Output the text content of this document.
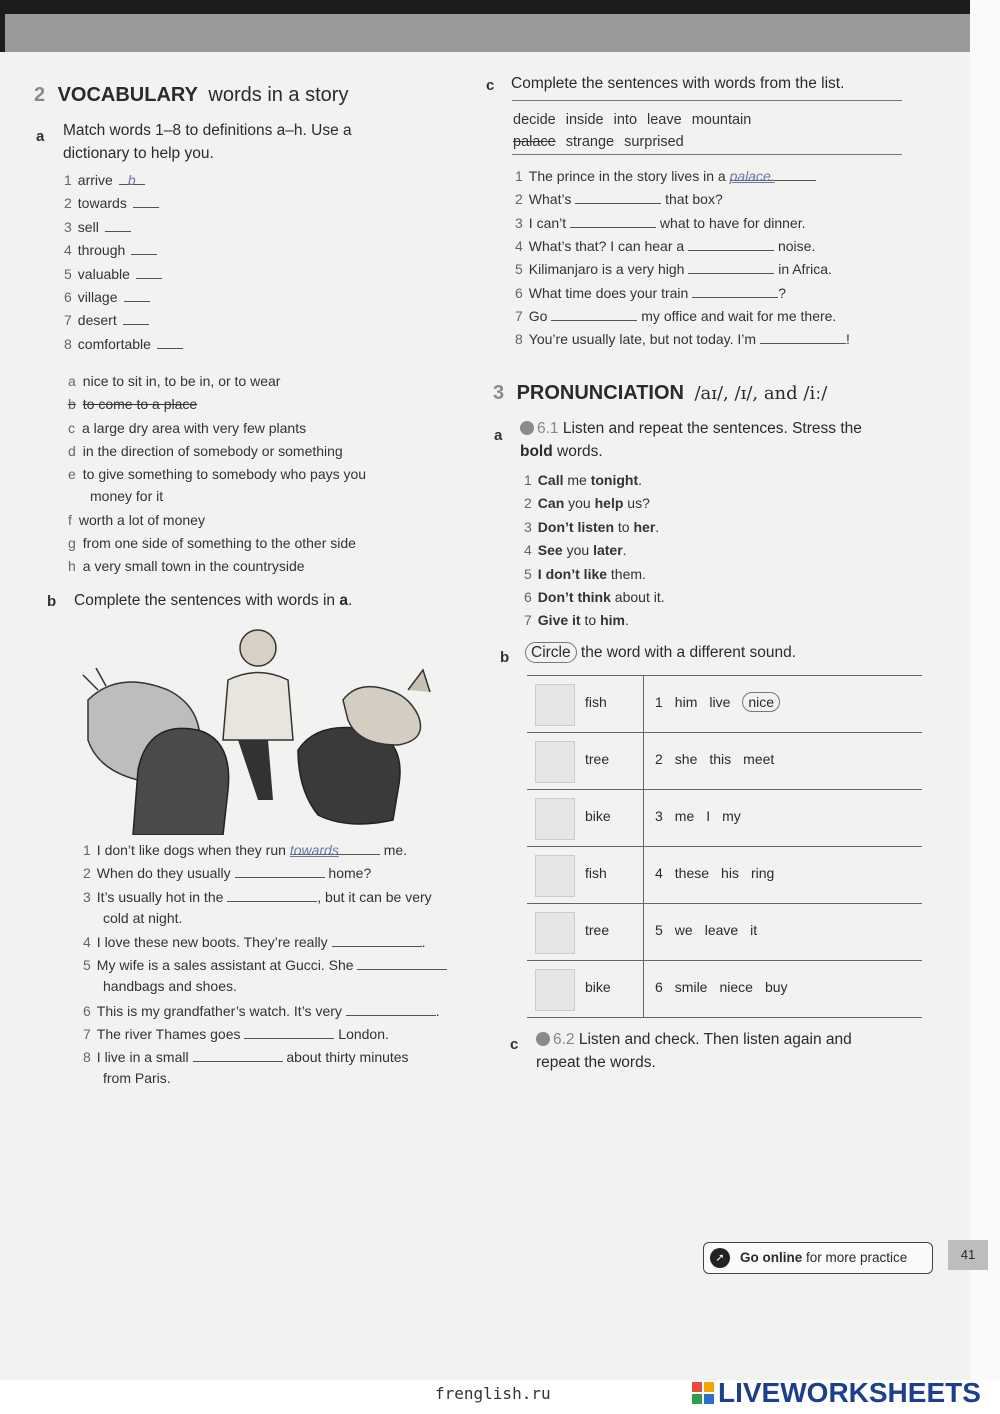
2 VOCABULARY words in a story
a Match words 1–8 to definitions a–h. Use a
dictionary to help you.
1 arrive b
2 towards
3 sell
4 through
5 valuable
6 village
7 desert
8 comfortable
a nice to sit in, to be in, or to wear
b to come to a place
c a large dry area with very few plants
d in the direction of somebody or something
e to give something to somebody who pays you
money for it
f worth a lot of money
g from one side of something to the other side
h a very small town in the countryside
b Complete the sentences with words in a.
1 I don’t like dogs when they run towards	me.
2 When do they usually	home?
3 It’s usually hot in the	, but it can be very
cold at night.
4 I love these new boots. They’re really	.
5 My wife is a sales assistant at Gucci. She
handbags and shoes.
6 This is my grandfather’s watch. It’s very	.
7 The river Thames goes	London.
8 I live in a small	about thirty minutes
from Paris.
c Complete the sentences with words from the list.
decide inside into leave mountain
palace strange surprised
1 The prince in the story lives in a palace.
2 What’s	that box?
3 I can’t	what to have for dinner.
4 What’s that? I can hear a	noise.
5 Kilimanjaro is a very high	in Africa.
6 What time does your train	?
7 Go	my office and wait for me there.
8 You’re usually late, but not today. I’m	!
3 PRONUNCIATION /aɪ/, /ɪ/, and /iː/
a	6.1 Listen and repeat the sentences. Stress the
bold words.
1 Call me tonight.
2 Can you help us?
3 Don’t listen to her.
4 See you later.
5 I don’t like them.
6 Don’t think about it.
7 Give it to him.
b	Circle the word with a different sound.
fish	1 him live nice
tree	2 she this meet
bike	3 me I my
fish	4 these his ring
tree	5 we leave it
bike	6 smile niece buy
c	6.2 Listen and check. Then listen again and
repeat the words.
➚	Go online for more practice	41
frenglish.ru	LIVEWORKSHEETS
